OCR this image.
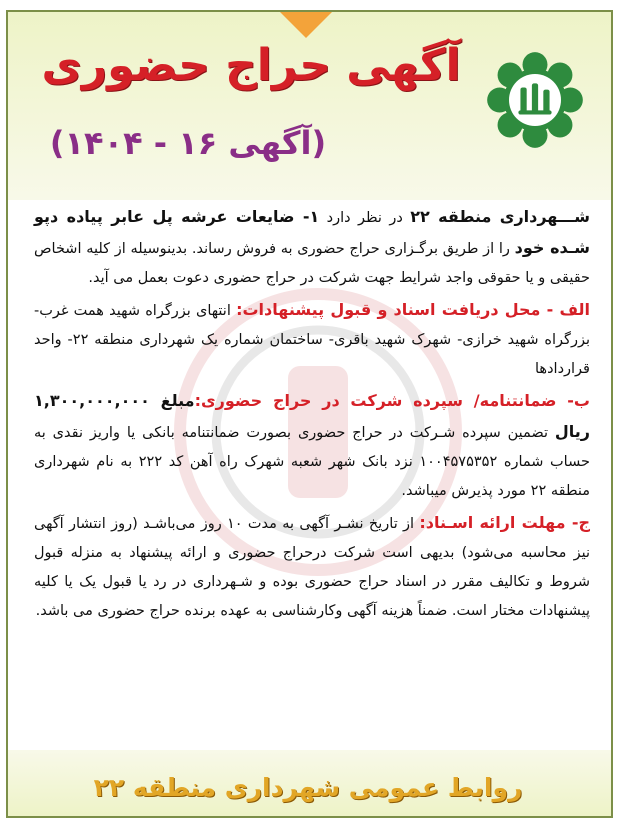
آگهی حراج حضوری
(آگهی ۱۶ - ۱۴۰۴)

شـــهرداری منطقه ۲۲ در نظر دارد ۱- ضایعات عرشه پل عابر پیاده دپو شـده خود را از طریق برگـزاری حراج حضوری به فروش رساند. بدینوسیله از کلیه اشخاص حقیقی و یا حقوقی واجد شرایط جهت شرکت در حراج حضوری دعوت بعمل می آید.

الف - محل دریافت اسناد و قبول پیشنهادات: انتهای بزرگراه شهید همت غرب- بزرگراه شهید خرازی- شهرک شهید باقری- ساختمان شماره یک شهرداری منطقه ۲۲- واحد قراردادها

ب- ضمانتنامه/ سپرده شرکت در حراج حضوری:مبلغ ۱,۳۰۰,۰۰۰,۰۰۰ ریال تضمین سپرده شـرکت در حراج حضوری بصورت ضمانتنامه بانکی یا واریز نقدی به حساب شماره ۱۰۰۴۵۷۵۳۵۲ نزد بانک شهر شعبه شهرک راه آهن کد ۲۲۲ به نام شهرداری منطقه ۲۲ مورد پذیرش میباشد.

ج- مهلت ارائه اسـناد: از تاریخ نشـر آگهی به مدت ۱۰ روز می‌باشـد (روز انتشار آگهی نیز محاسبه می‌شود) بدیهی است شرکت درحراج حضوری و ارائه پیشنهاد به منزله قبول شروط و تکالیف مقرر در اسناد حراج حضوری بوده و شـهرداری در رد یا قبول یک یا کلیه پیشنهادات مختار است. ضمناً هزینه آگهی وکارشناسی به عهده برنده حراج حضوری می باشد.

روابط عمومی شهرداری منطقه ۲۲
